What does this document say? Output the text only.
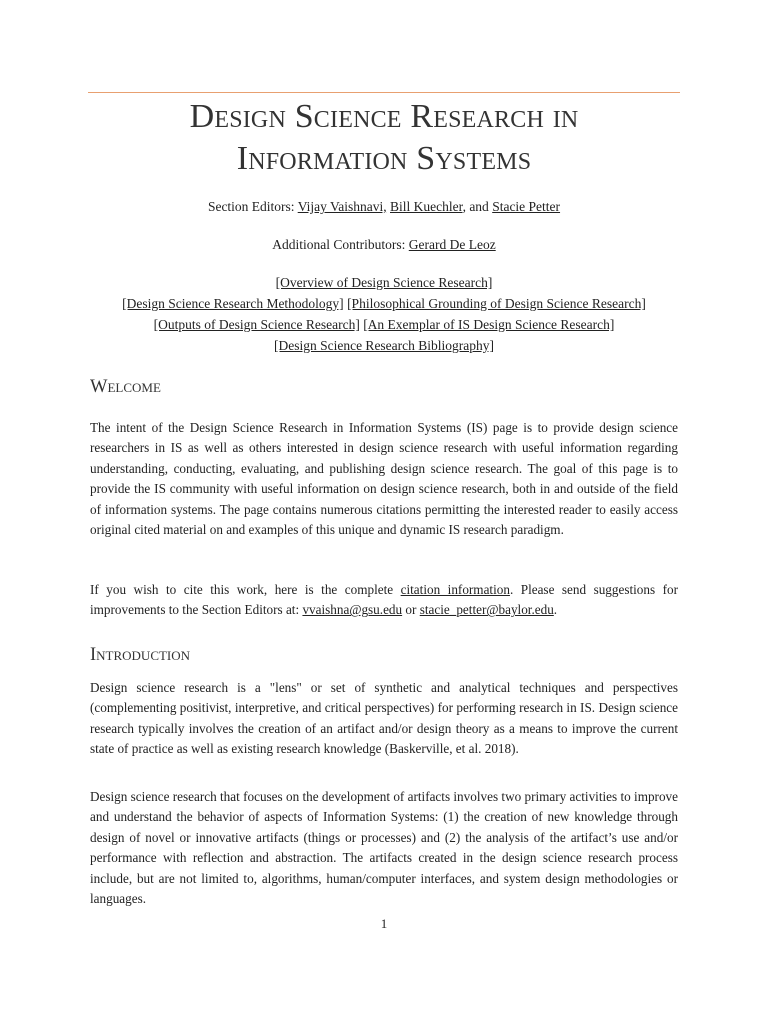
Design Science Research in
Information Systems
Section Editors: Vijay Vaishnavi, Bill Kuechler, and Stacie Petter
Additional Contributors: Gerard De Leoz
[Overview of Design Science Research]
[Design Science Research Methodology] [Philosophical Grounding of Design Science Research]
[Outputs of Design Science Research] [An Exemplar of IS Design Science Research]
[Design Science Research Bibliography]
Welcome

The intent of the Design Science Research in Information Systems (IS) page is to provide design science researchers in IS as well as others interested in design science research with useful information regarding understanding, conducting, evaluating, and publishing design science research. The goal of this page is to provide the IS community with useful information on design science research, both in and outside of the field of information systems. The page contains numerous citations permitting the interested reader to easily access original cited material on and examples of this unique and dynamic IS research paradigm.

If you wish to cite this work, here is the complete citation information. Please send suggestions for improvements to the Section Editors at: vvaishna@gsu.edu or stacie_petter@baylor.edu.

Introduction

Design science research is a "lens" or set of synthetic and analytical techniques and perspectives (complementing positivist, interpretive, and critical perspectives) for performing research in IS. Design science research typically involves the creation of an artifact and/or design theory as a means to improve the current state of practice as well as existing research knowledge (Baskerville, et al. 2018).

Design science research that focuses on the development of artifacts involves two primary activities to improve and understand the behavior of aspects of Information Systems: (1) the creation of new knowledge through design of novel or innovative artifacts (things or processes) and (2) the analysis of the artifact’s use and/or performance with reflection and abstraction. The artifacts created in the design science research process include, but are not limited to, algorithms, human/computer interfaces, and system design methodologies or languages.

1
